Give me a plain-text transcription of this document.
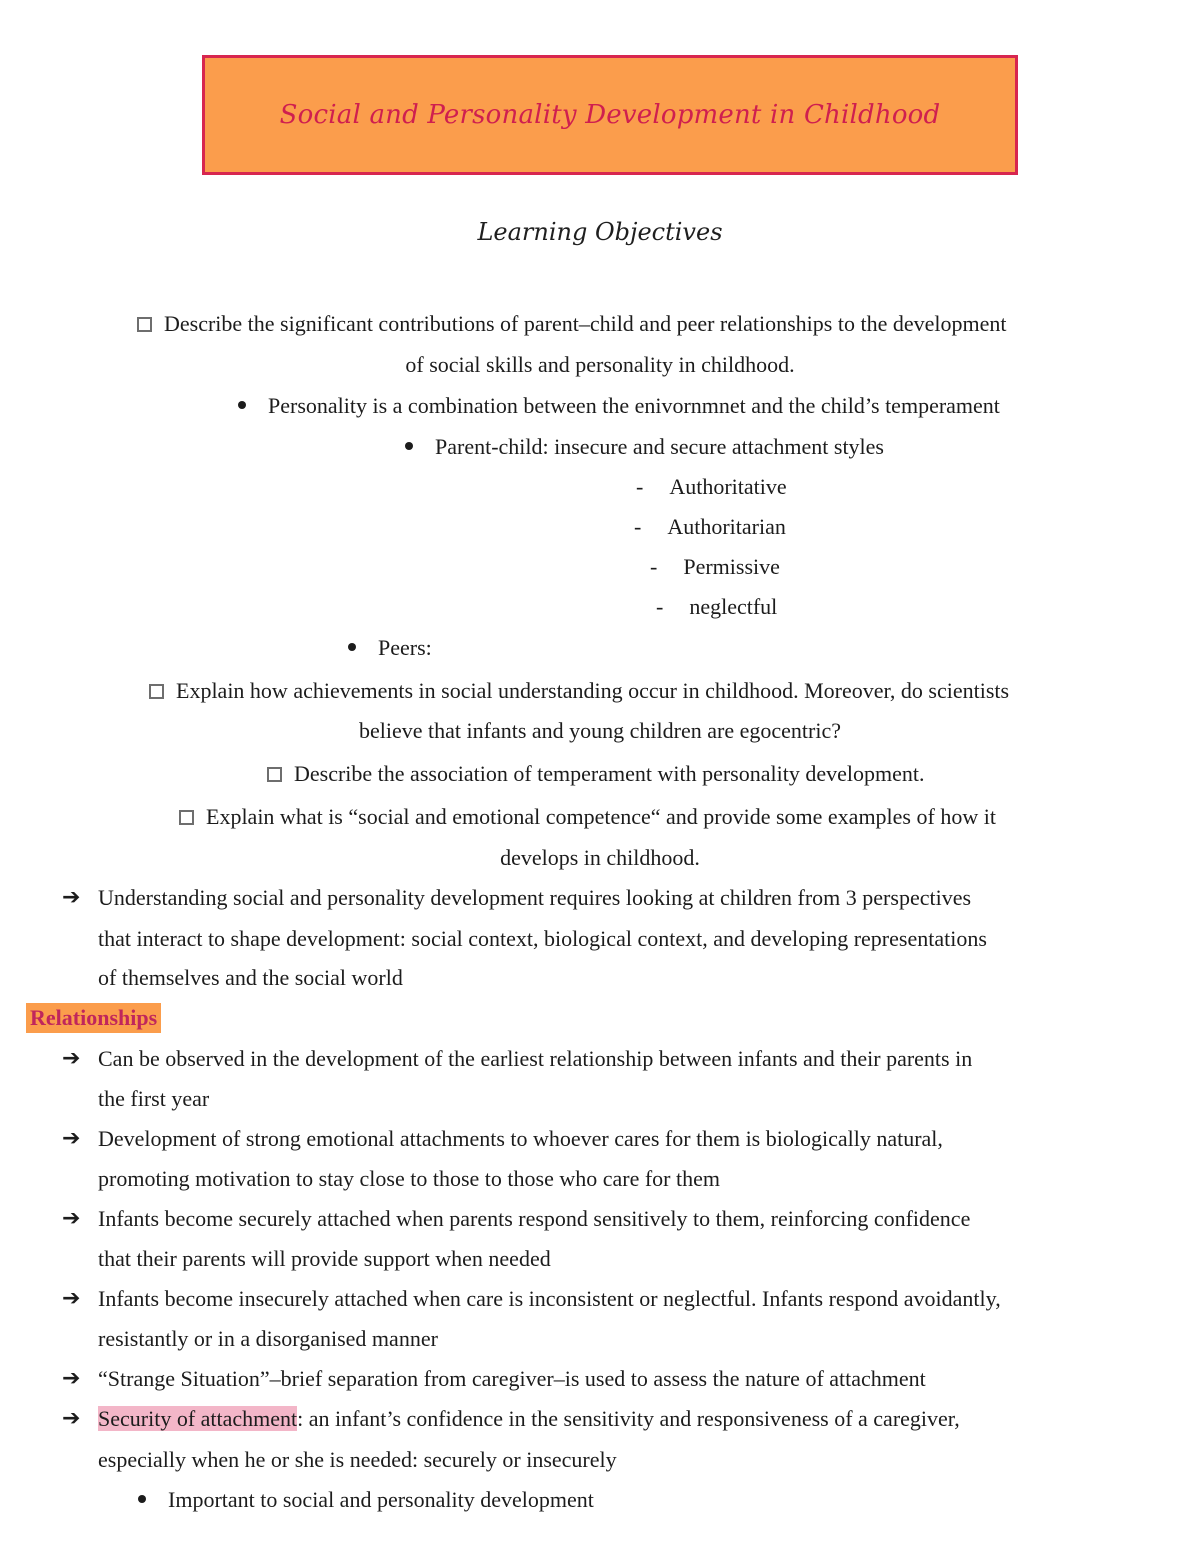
Social and Personality Development in Childhood
Learning Objectives
Describe the significant contributions of parent–child and peer relationships to the development
of social skills and personality in childhood.
Personality is a combination between the enivornmnet and the child’s temperament
Parent-child: insecure and secure attachment styles
- Authoritative
- Authoritarian
- Permissive
- neglectful
Peers:
Explain how achievements in social understanding occur in childhood. Moreover, do scientists
believe that infants and young children are egocentric?
Describe the association of temperament with personality development.
Explain what is “social and emotional competence“ and provide some examples of how it
develops in childhood.
➔ Understanding social and personality development requires looking at children from 3 perspectives
that interact to shape development: social context, biological context, and developing representations
of themselves and the social world
Relationships
➔ Can be observed in the development of the earliest relationship between infants and their parents in
the first year
➔ Development of strong emotional attachments to whoever cares for them is biologically natural,
promoting motivation to stay close to those to those who care for them
➔ Infants become securely attached when parents respond sensitively to them, reinforcing confidence
that their parents will provide support when needed
➔ Infants become insecurely attached when care is inconsistent or neglectful. Infants respond avoidantly,
resistantly or in a disorganised manner
➔ “Strange Situation”–brief separation from caregiver–is used to assess the nature of attachment
➔ Security of attachment: an infant’s confidence in the sensitivity and responsiveness of a caregiver,
especially when he or she is needed: securely or insecurely
Important to social and personality development
